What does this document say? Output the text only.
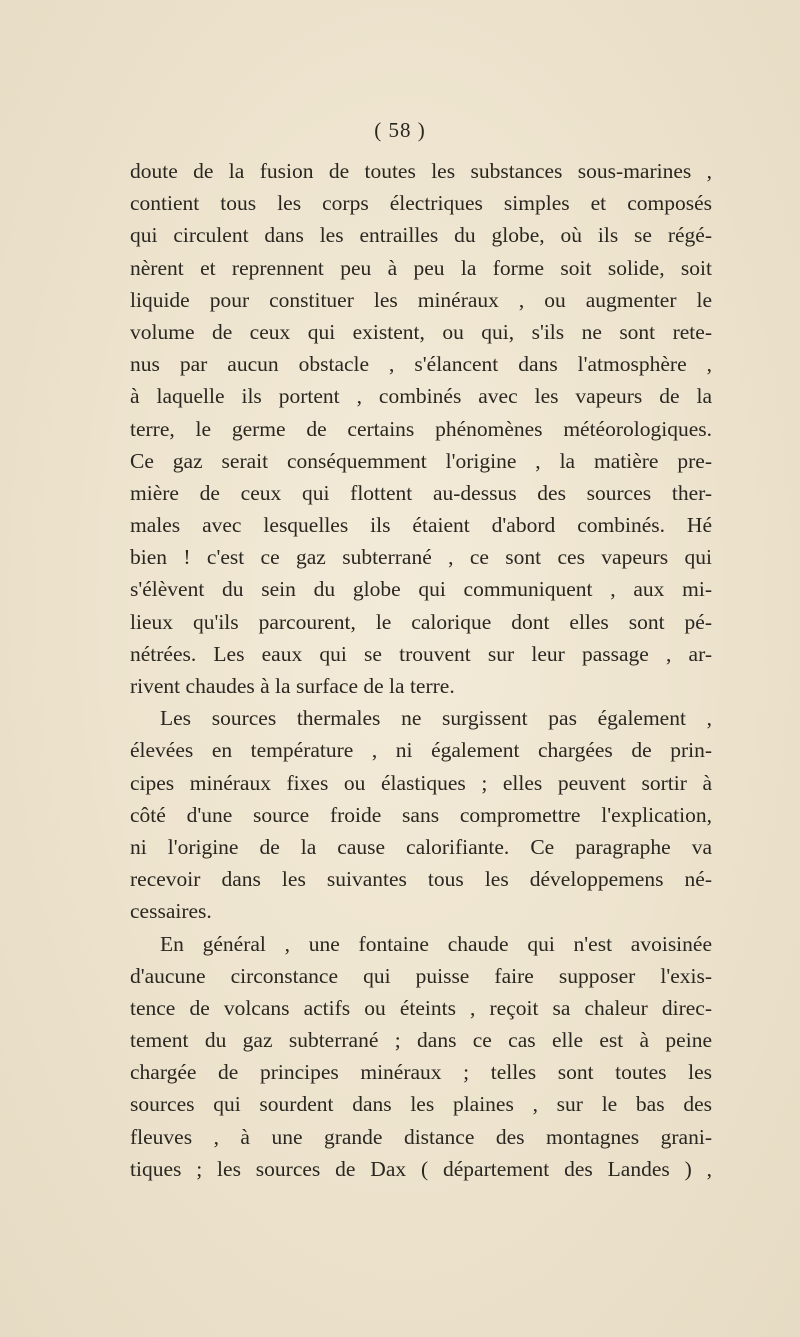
( 58 )
doute de la fusion de toutes les substances sous-marines ,
contient tous les corps électriques simples et composés
qui circulent dans les entrailles du globe, où ils se régé-
nèrent et reprennent peu à peu la forme soit solide, soit
liquide pour constituer les minéraux , ou augmenter le
volume de ceux qui existent, ou qui, s'ils ne sont rete-
nus par aucun obstacle , s'élancent dans l'atmosphère ,
à laquelle ils portent , combinés avec les vapeurs de la
terre, le germe de certains phénomènes météorologiques.
Ce gaz serait conséquemment l'origine , la matière pre-
mière de ceux qui flottent au-dessus des sources ther-
males avec lesquelles ils étaient d'abord combinés. Hé
bien ! c'est ce gaz subterrané , ce sont ces vapeurs qui
s'élèvent du sein du globe qui communiquent , aux mi-
lieux qu'ils parcourent, le calorique dont elles sont pé-
nétrées. Les eaux qui se trouvent sur leur passage , ar-
rivent chaudes à la surface de la terre.
Les sources thermales ne surgissent pas également ,
élevées en température , ni également chargées de prin-
cipes minéraux fixes ou élastiques ; elles peuvent sortir à
côté d'une source froide sans compromettre l'explication,
ni l'origine de la cause calorifiante. Ce paragraphe va
recevoir dans les suivantes tous les développemens né-
cessaires.
En général , une fontaine chaude qui n'est avoisinée
d'aucune circonstance qui puisse faire supposer l'exis-
tence de volcans actifs ou éteints , reçoit sa chaleur direc-
tement du gaz subterrané ; dans ce cas elle est à peine
chargée de principes minéraux ; telles sont toutes les
sources qui sourdent dans les plaines , sur le bas des
fleuves , à une grande distance des montagnes grani-
tiques ; les sources de Dax ( département des Landes ) ,
